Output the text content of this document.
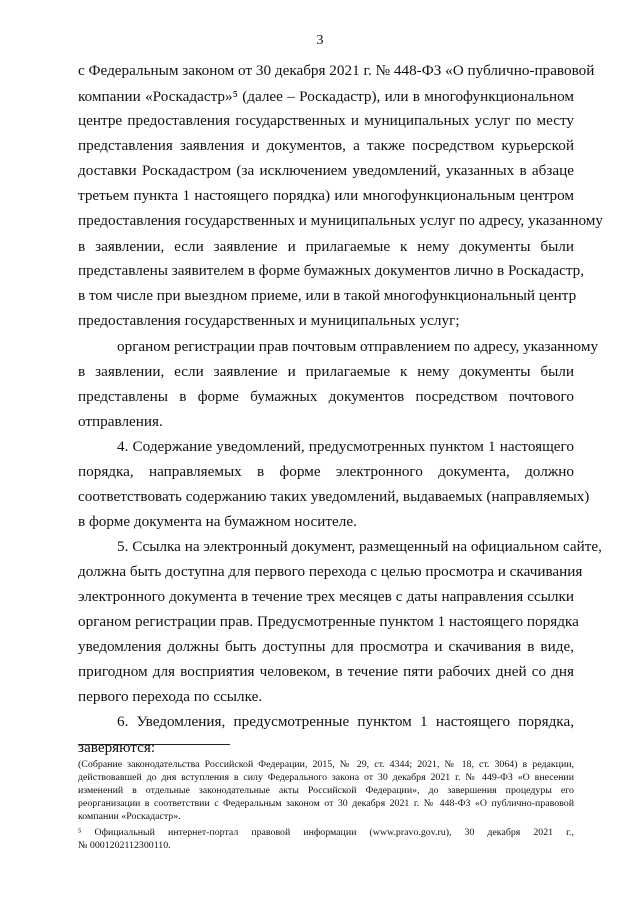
3
с Федеральным законом от 30 декабря 2021 г. № 448-ФЗ «О публично-правовой
компании «Роскадастр»⁵ (далее – Роскадастр), или в многофункциональном
центре предоставления государственных и муниципальных услуг по месту
представления заявления и документов, а также посредством курьерской
доставки Роскадастром (за исключением уведомлений, указанных в абзаце
третьем пункта 1 настоящего порядка) или многофункциональным центром
предоставления государственных и муниципальных услуг по адресу, указанному
в заявлении, если заявление и прилагаемые к нему документы были
представлены заявителем в форме бумажных документов лично в Роскадастр,
в том числе при выездном приеме, или в такой многофункциональный центр
предоставления государственных и муниципальных услуг;
органом регистрации прав почтовым отправлением по адресу, указанному
в заявлении, если заявление и прилагаемые к нему документы были
представлены в форме бумажных документов посредством почтового
отправления.
4. Содержание уведомлений, предусмотренных пунктом 1 настоящего
порядка, направляемых в форме электронного документа, должно
соответствовать содержанию таких уведомлений, выдаваемых (направляемых)
в форме документа на бумажном носителе.
5. Ссылка на электронный документ, размещенный на официальном сайте,
должна быть доступна для первого перехода с целью просмотра и скачивания
электронного документа в течение трех месяцев с даты направления ссылки
органом регистрации прав. Предусмотренные пунктом 1 настоящего порядка
уведомления должны быть доступны для просмотра и скачивания в виде,
пригодном для восприятия человеком, в течение пяти рабочих дней со дня
первого перехода по ссылке.
6. Уведомления, предусмотренные пунктом 1 настоящего порядка,
заверяются:
(Собрание законодательства Российской Федерации, 2015, № 29, ст. 4344; 2021, № 18, ст. 3064) в редакции,
действовавшей до дня вступления в силу Федерального закона от 30 декабря 2021 г. № 449-ФЗ «О внесении
изменений в отдельные законодательные акты Российской Федерации», до завершения процедуры его
реорганизации в соответствии с Федеральным законом от 30 декабря 2021 г. № 448-ФЗ «О публично-правовой
компании «Роскадастр».
⁵ Официальный интернет-портал правовой информации (www.pravo.gov.ru), 30 декабря 2021 г.,
№ 0001202112300110.
